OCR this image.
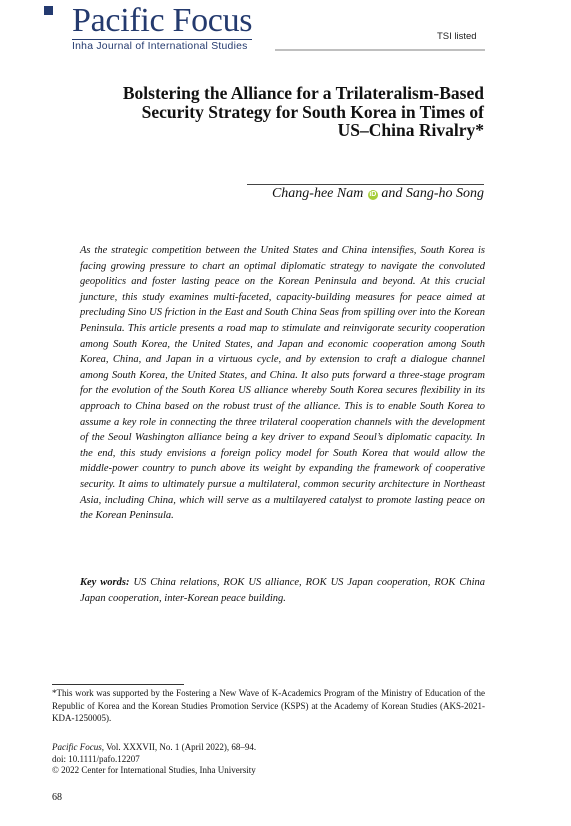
Pacific Focus
Inha Journal of International Studies
TSI listed
Bolstering the Alliance for a Trilateralism-Based
Security Strategy for South Korea in Times of
US–China Rivalry*
Chang-hee Nam iD and Sang-ho Song

As the strategic competition between the United States and China intensifies, South Korea is facing growing pressure to chart an optimal diplomatic strategy to navigate the convoluted geopolitics and foster lasting peace on the Korean Peninsula and beyond. At this crucial juncture, this study examines multi-faceted, capacity-building measures for peace aimed at precluding Sino US friction in the East and South China Seas from spilling over into the Korean Peninsula. This article presents a road map to stimulate and reinvigorate security cooperation among South Korea, the United States, and Japan and economic cooperation among South Korea, China, and Japan in a virtuous cycle, and by extension to craft a dialogue channel among South Korea, the United States, and China. It also puts forward a three-stage program for the evolution of the South Korea US alliance whereby South Korea secures flexibility in its approach to China based on the robust trust of the alliance. This is to enable South Korea to assume a key role in connecting the three trilateral cooperation channels with the development of the Seoul Washington alliance being a key driver to expand Seoul’s diplomatic capacity. In the end, this study envisions a foreign policy model for South Korea that would allow the middle-power country to punch above its weight by expanding the framework of cooperative security. It aims to ultimately pursue a multilateral, common security architecture in Northeast Asia, including China, which will serve as a multilayered catalyst to promote lasting peace on the Korean Peninsula.

Key words: US China relations, ROK US alliance, ROK US Japan cooperation, ROK China Japan cooperation, inter-Korean peace building.

*This work was supported by the Fostering a New Wave of K-Academics Program of the Ministry of Education of the Republic of Korea and the Korean Studies Promotion Service (KSPS) at the Academy of Korean Studies (AKS-2021-KDA-1250005).

Pacific Focus, Vol. XXXVII, No. 1 (April 2022), 68–94.
doi: 10.1111/pafo.12207
© 2022 Center for International Studies, Inha University
68
